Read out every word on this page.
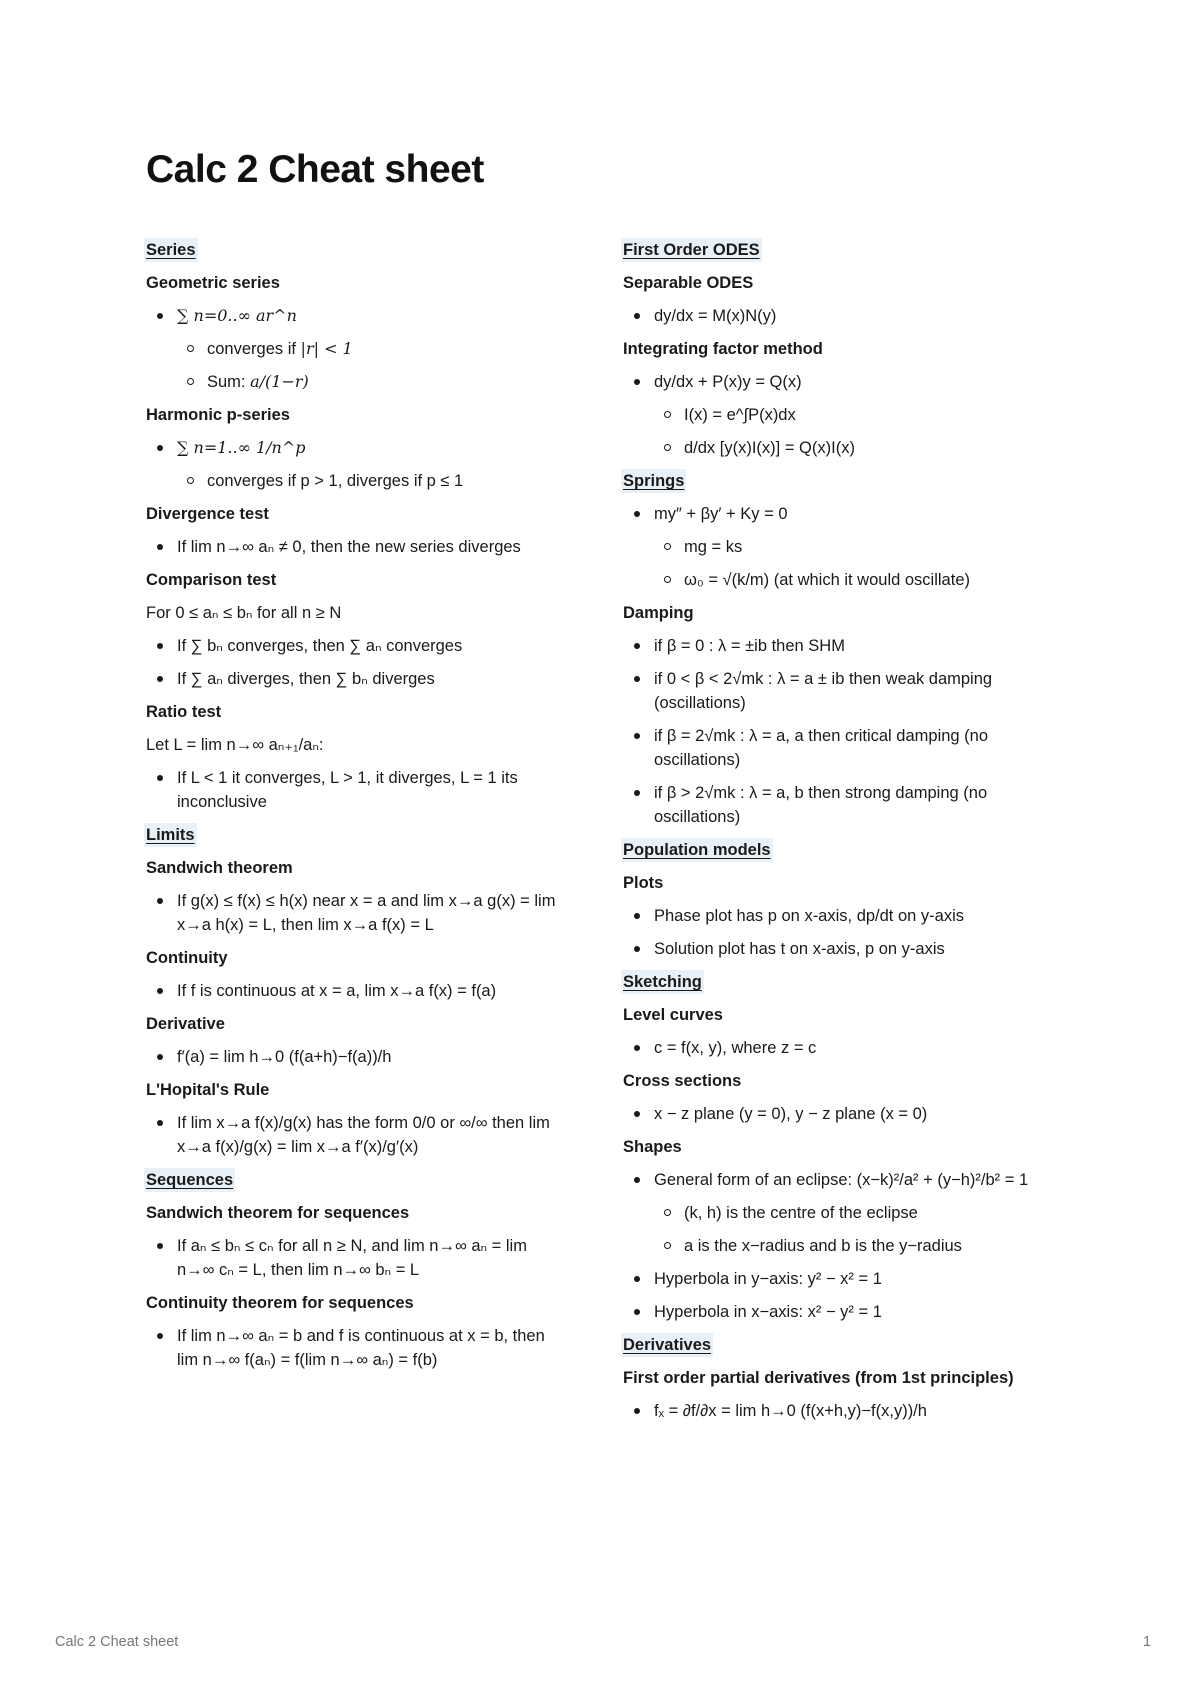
Calc 2 Cheat sheet
Series
Geometric series
∑ n=0..∞ ar^n
converges if |r| < 1
Sum: a/(1−r)
Harmonic p-series
∑ n=1..∞ 1/n^p
converges if p > 1, diverges if p ≤ 1
Divergence test
If lim n→∞ aₙ ≠ 0, then the new series diverges
Comparison test
For 0 ≤ aₙ ≤ bₙ for all n ≥ N
If ∑ bₙ converges, then ∑ aₙ converges
If ∑ aₙ diverges, then ∑ bₙ diverges
Ratio test
Let L = lim n→∞ aₙ₊₁/aₙ:
If L < 1 it converges, L > 1, it diverges, L = 1 its inconclusive
Limits
Sandwich theorem
If g(x) ≤ f(x) ≤ h(x) near x = a and lim x→a g(x) = lim x→a h(x) = L, then lim x→a f(x) = L
Continuity
If f is continuous at x = a, lim x→a f(x) = f(a)
Derivative
f′(a) = lim h→0 (f(a+h)−f(a))/h
L'Hopital's Rule
If lim x→a f(x)/g(x) has the form 0/0 or ∞/∞ then lim x→a f(x)/g(x) = lim x→a f′(x)/g′(x)
Sequences
Sandwich theorem for sequences
If aₙ ≤ bₙ ≤ cₙ for all n ≥ N, and lim n→∞ aₙ = lim n→∞ cₙ = L, then lim n→∞ bₙ = L
Continuity theorem for sequences
If lim n→∞ aₙ = b and f is continuous at x = b, then lim n→∞ f(aₙ) = f(lim n→∞ aₙ) = f(b)
First Order ODES
Separable ODES
dy/dx = M(x)N(y)
Integrating factor method
dy/dx + P(x)y = Q(x)
I(x) = e^∫P(x)dx
d/dx [y(x)I(x)] = Q(x)I(x)
Springs
my″ + βy′ + Ky = 0
mg = ks
ω₀ = √(k/m) (at which it would oscillate)
Damping
if β = 0 : λ = ±ib then SHM
if 0 < β < 2√mk : λ = a ± ib then weak damping (oscillations)
if β = 2√mk : λ = a, a then critical damping (no oscillations)
if β > 2√mk : λ = a, b then strong damping (no oscillations)
Population models
Plots
Phase plot has p on x-axis, dp/dt on y-axis
Solution plot has t on x-axis, p on y-axis
Sketching
Level curves
c = f(x, y), where z = c
Cross sections
x − z plane (y = 0), y − z plane (x = 0)
Shapes
General form of an eclipse: (x−k)²/a² + (y−h)²/b² = 1
(k, h) is the centre of the eclipse
a is the x−radius and b is the y−radius
Hyperbola in y−axis: y² − x² = 1
Hyperbola in x−axis: x² − y² = 1
Derivatives
First order partial derivatives (from 1st principles)
fₓ = ∂f/∂x = lim h→0 (f(x+h,y)−f(x,y))/h
Calc 2 Cheat sheet	1
